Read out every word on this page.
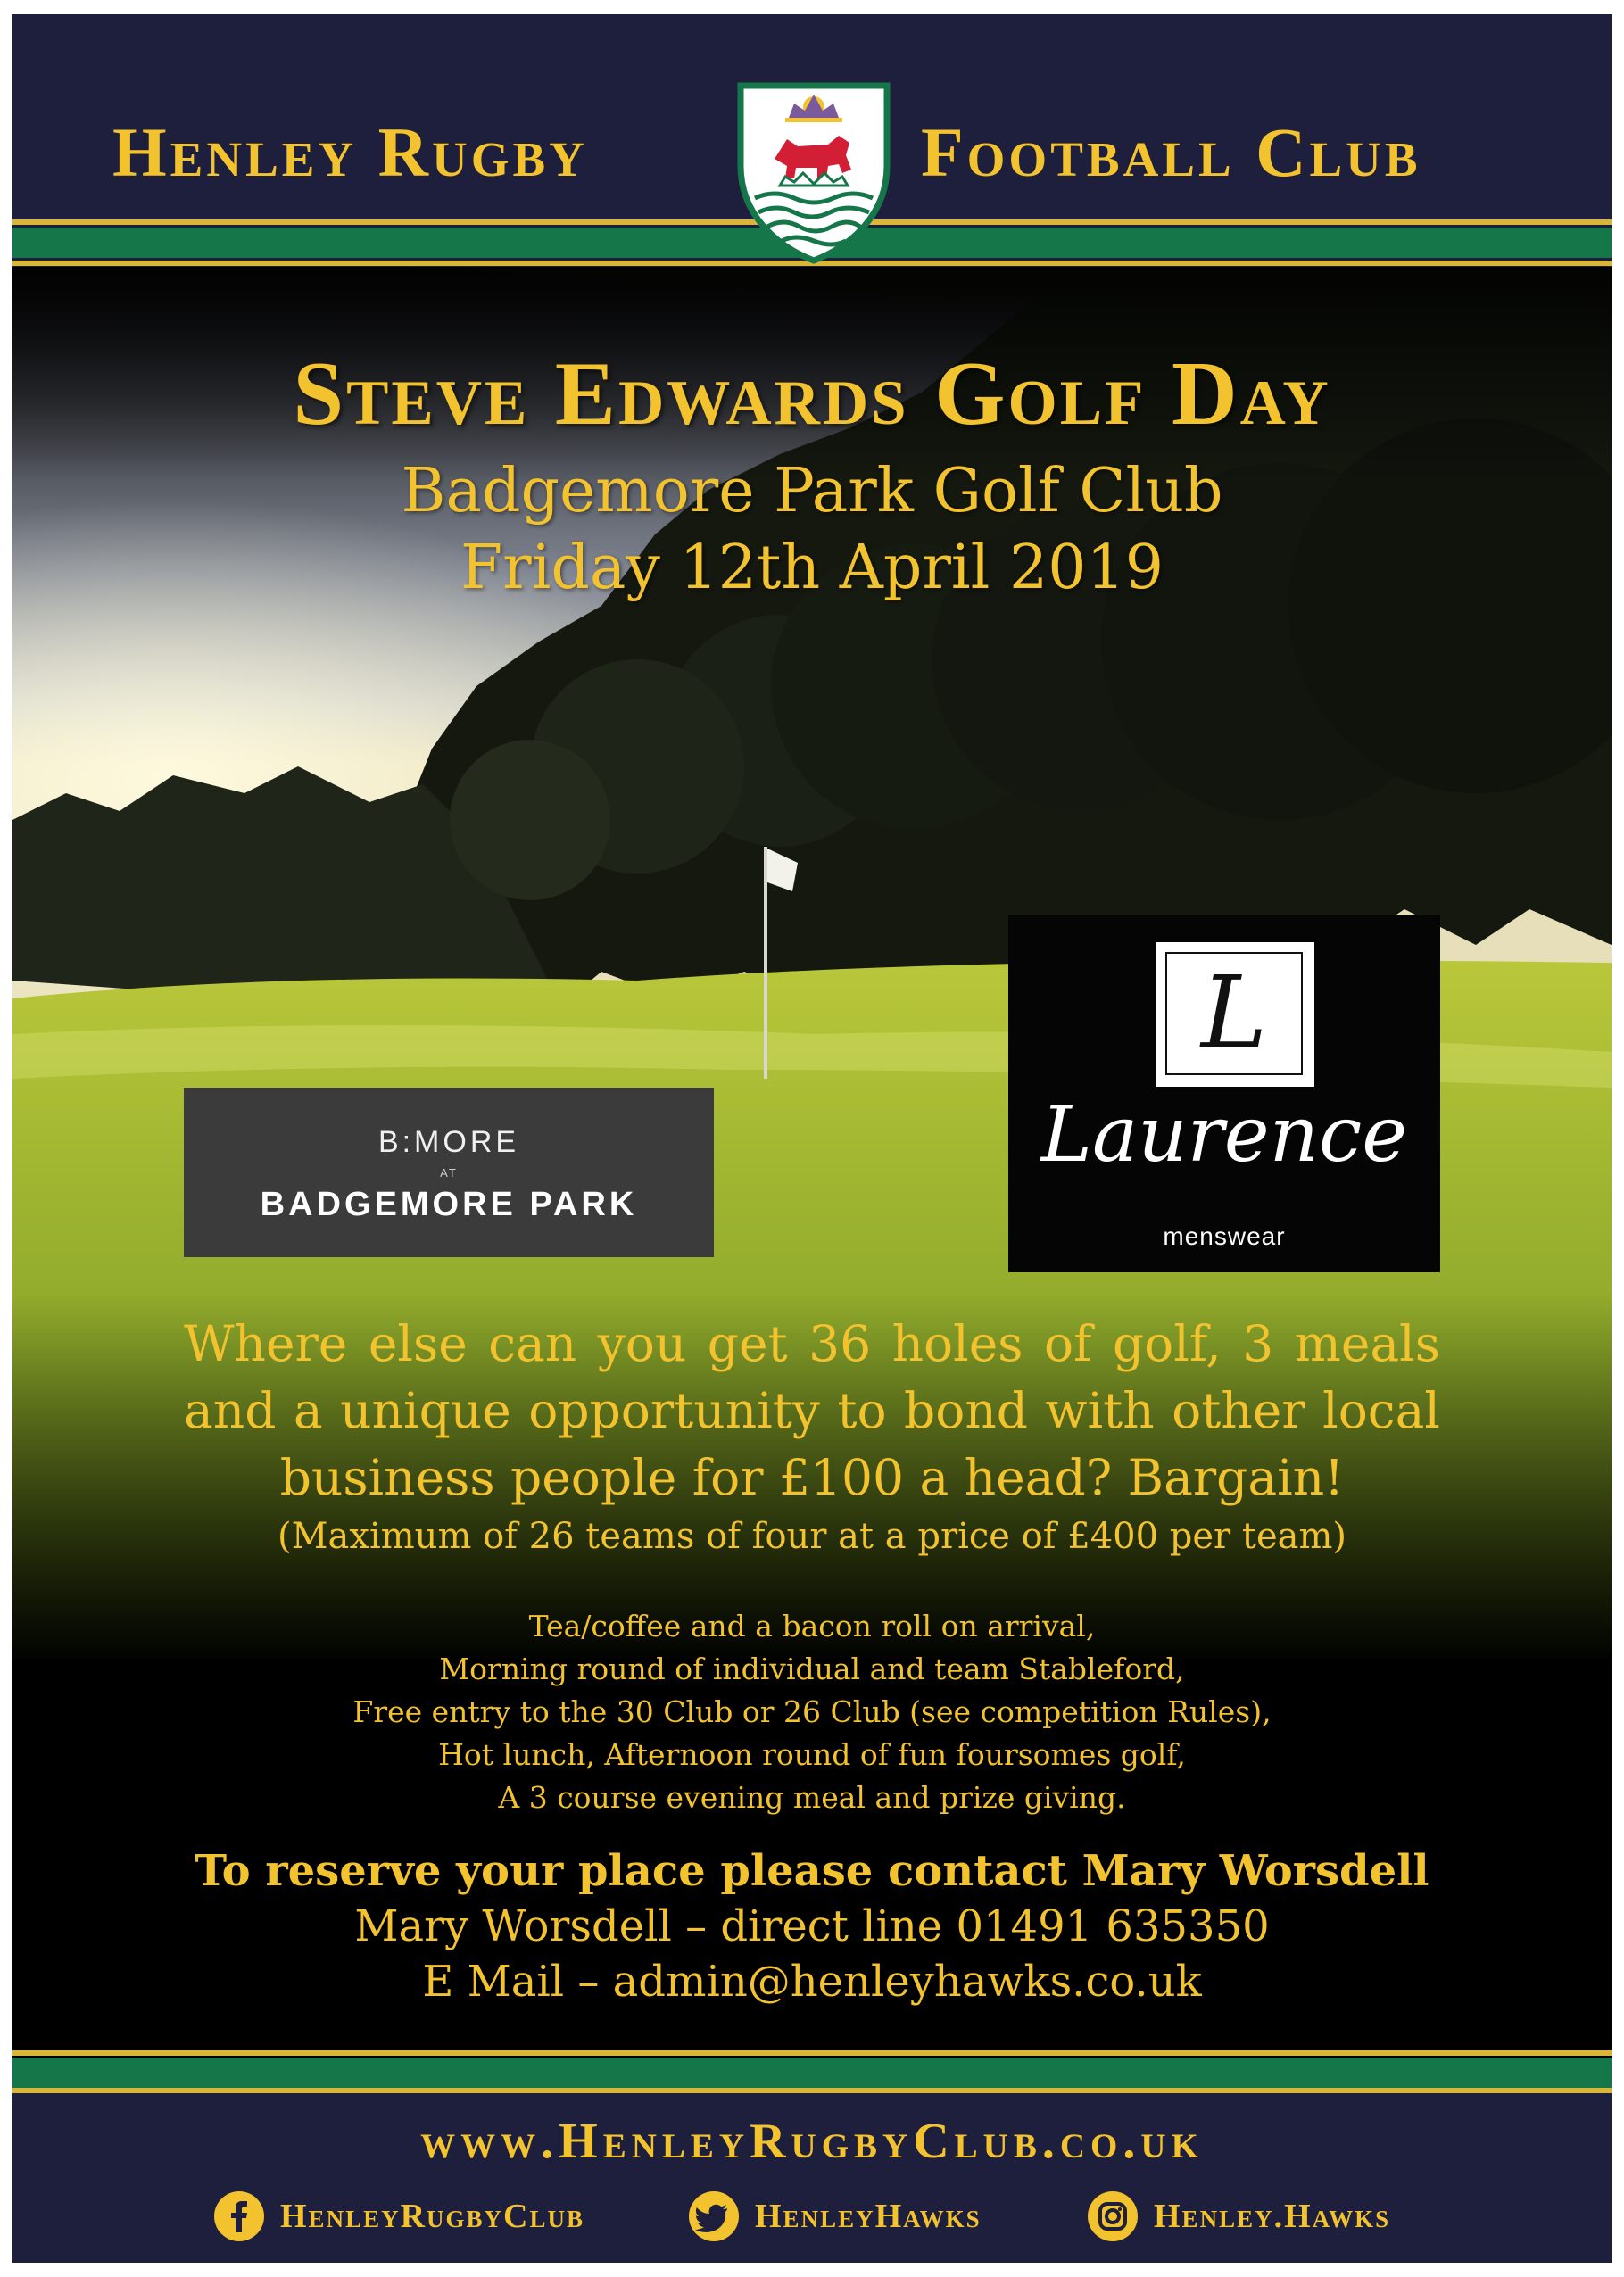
Henley Rugby	Football Club
Steve Edwards Golf Day
Badgemore Park Golf Club
Friday 12th April 2019
B:MORE
AT
BADGEMORE PARK
L
Laurence
menswear
Where else can you get 36 holes of golf, 3 meals and a unique opportunity to bond with other local business people for £100 a head? Bargain!
(Maximum of 26 teams of four at a price of £400 per team)
Tea/coffee and a bacon roll on arrival,
Morning round of individual and team Stableford,
Free entry to the 30 Club or 26 Club (see competition Rules),
Hot lunch, Afternoon round of fun foursomes golf,
A 3 course evening meal and prize giving.
To reserve your place please contact Mary Worsdell
Mary Worsdell – direct line 01491 635350
E Mail – admin@henleyhawks.co.uk
www.HenleyRugbyClub.co.uk
HenleyRugbyClub	HenleyHawks	Henley.Hawks
